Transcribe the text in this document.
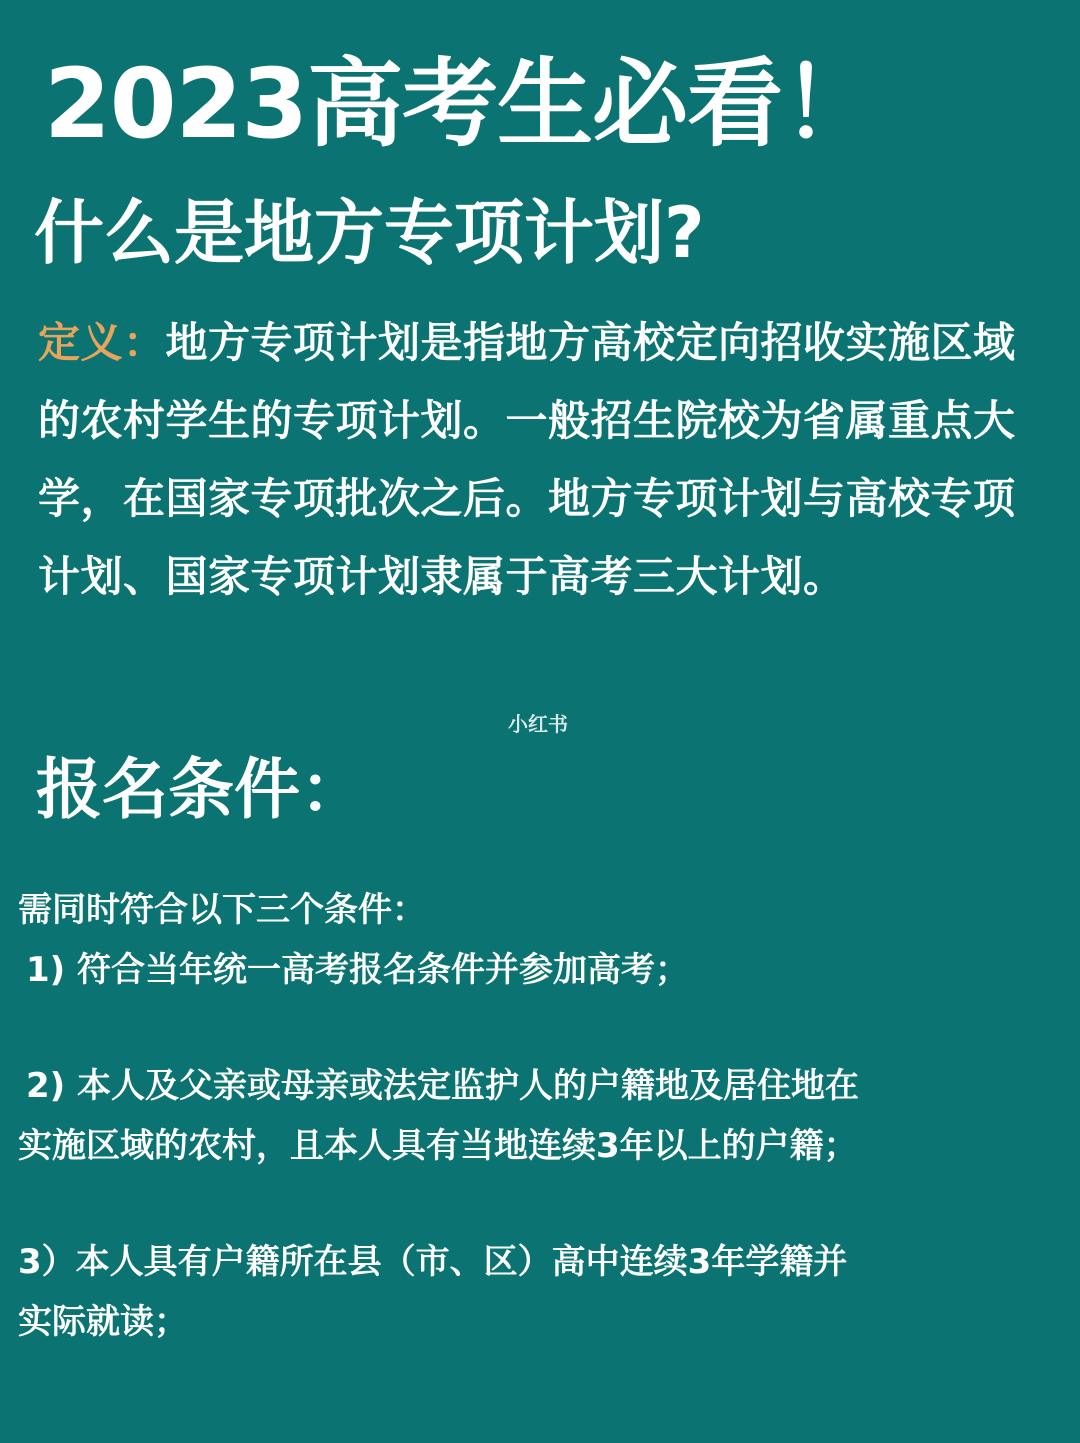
2023高考生必看！
什么是地方专项计划?
定义：地方专项计划是指地方高校定向招收实施区域的农村学生的专项计划。一般招生院校为省属重点大学，在国家专项批次之后。地方专项计划与高校专项计划、国家专项计划隶属于高考三大计划。
小红书
报名条件：
需同时符合以下三个条件：
1) 符合当年统一高考报名条件并参加高考；
2) 本人及父亲或母亲或法定监护人的户籍地及居住地在
实施区域的农村，且本人具有当地连续3年以上的户籍；
3）本人具有户籍所在县（市、区）高中连续3年学籍并
实际就读；
